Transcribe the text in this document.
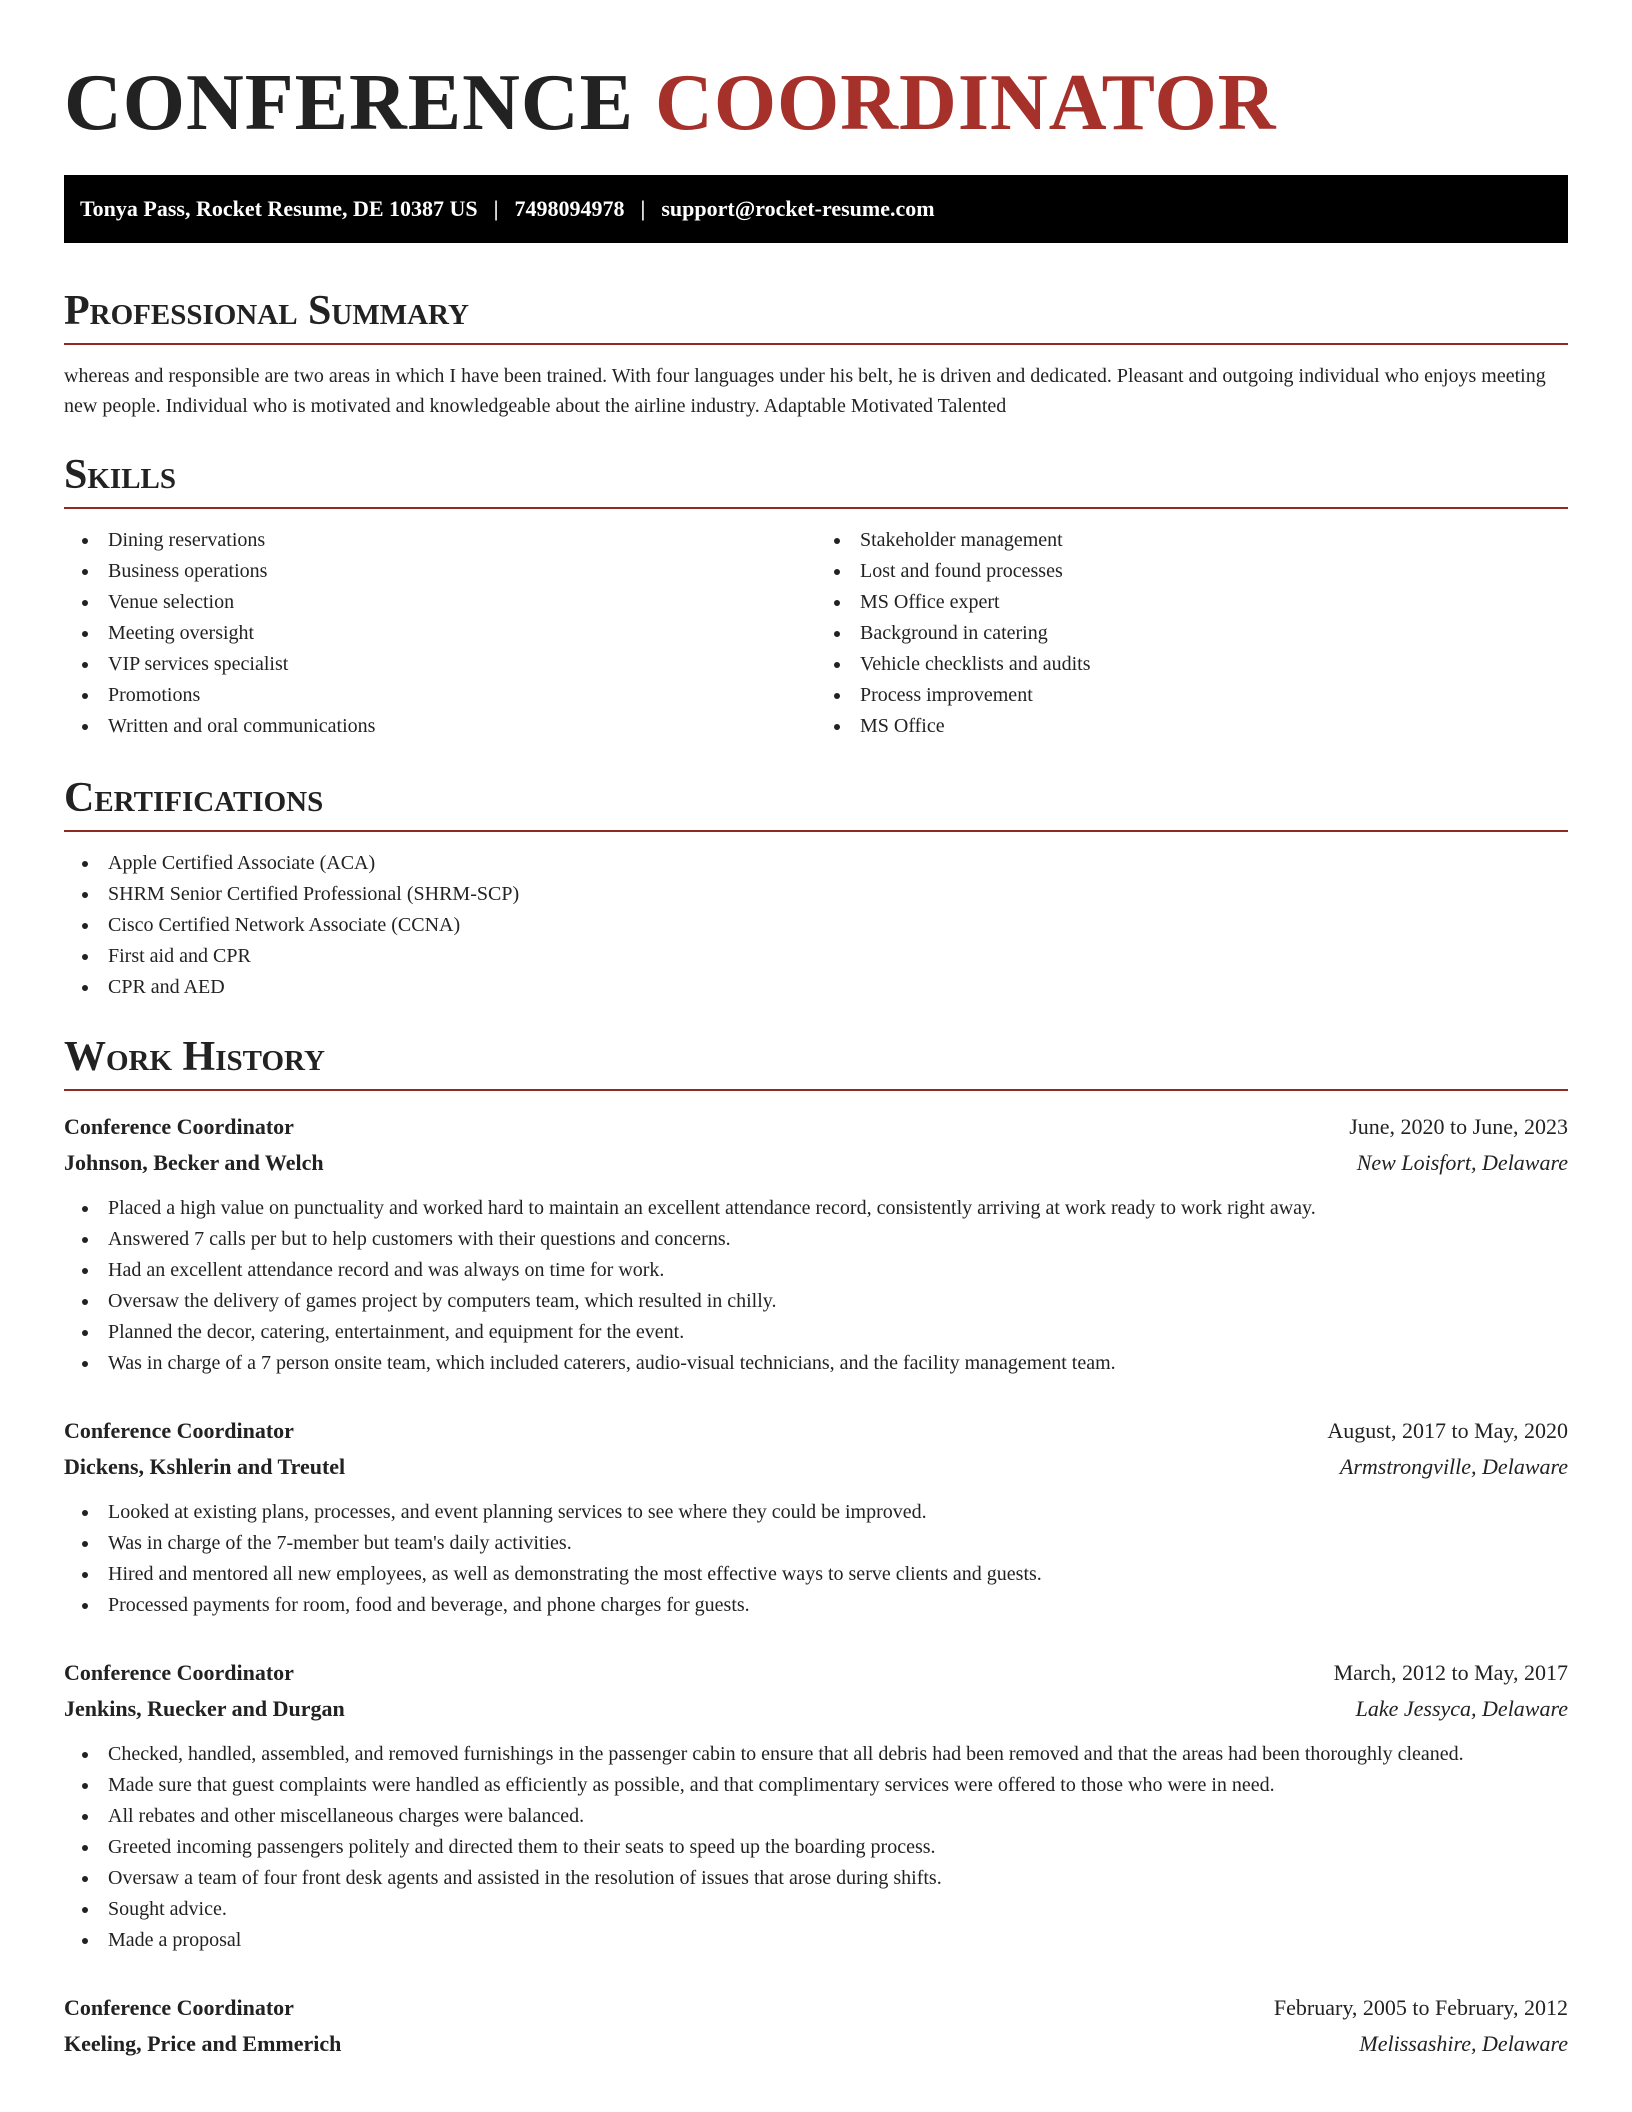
CONFERENCE COORDINATOR
Tonya Pass, Rocket Resume, DE 10387 US | 7498094978 | support@rocket-resume.com
Professional Summary

whereas and responsible are two areas in which I have been trained. With four languages under his belt, he is driven and dedicated. Pleasant and outgoing individual who enjoys meeting new people. Individual who is motivated and knowledgeable about the airline industry. Adaptable Motivated Talented

Skills
Dining reservations
Business operations
Venue selection
Meeting oversight
VIP services specialist
Promotions
Written and oral communications
Stakeholder management
Lost and found processes
MS Office expert
Background in catering
Vehicle checklists and audits
Process improvement
MS Office
Certifications
Apple Certified Associate (ACA)
SHRM Senior Certified Professional (SHRM-SCP)
Cisco Certified Network Associate (CCNA)
First aid and CPR
CPR and AED
Work History
Conference Coordinator	June, 2020 to June, 2023
Johnson, Becker and Welch	New Loisfort, Delaware
Placed a high value on punctuality and worked hard to maintain an excellent attendance record, consistently arriving at work ready to work right away.
Answered 7 calls per but to help customers with their questions and concerns.
Had an excellent attendance record and was always on time for work.
Oversaw the delivery of games project by computers team, which resulted in chilly.
Planned the decor, catering, entertainment, and equipment for the event.
Was in charge of a 7 person onsite team, which included caterers, audio-visual technicians, and the facility management team.
Conference Coordinator	August, 2017 to May, 2020
Dickens, Kshlerin and Treutel	Armstrongville, Delaware
Looked at existing plans, processes, and event planning services to see where they could be improved.
Was in charge of the 7-member but team's daily activities.
Hired and mentored all new employees, as well as demonstrating the most effective ways to serve clients and guests.
Processed payments for room, food and beverage, and phone charges for guests.
Conference Coordinator	March, 2012 to May, 2017
Jenkins, Ruecker and Durgan	Lake Jessyca, Delaware
Checked, handled, assembled, and removed furnishings in the passenger cabin to ensure that all debris had been removed and that the areas had been thoroughly cleaned.
Made sure that guest complaints were handled as efficiently as possible, and that complimentary services were offered to those who were in need.
All rebates and other miscellaneous charges were balanced.
Greeted incoming passengers politely and directed them to their seats to speed up the boarding process.
Oversaw a team of four front desk agents and assisted in the resolution of issues that arose during shifts.
Sought advice.
Made a proposal
Conference Coordinator	February, 2005 to February, 2012
Keeling, Price and Emmerich	Melissashire, Delaware
